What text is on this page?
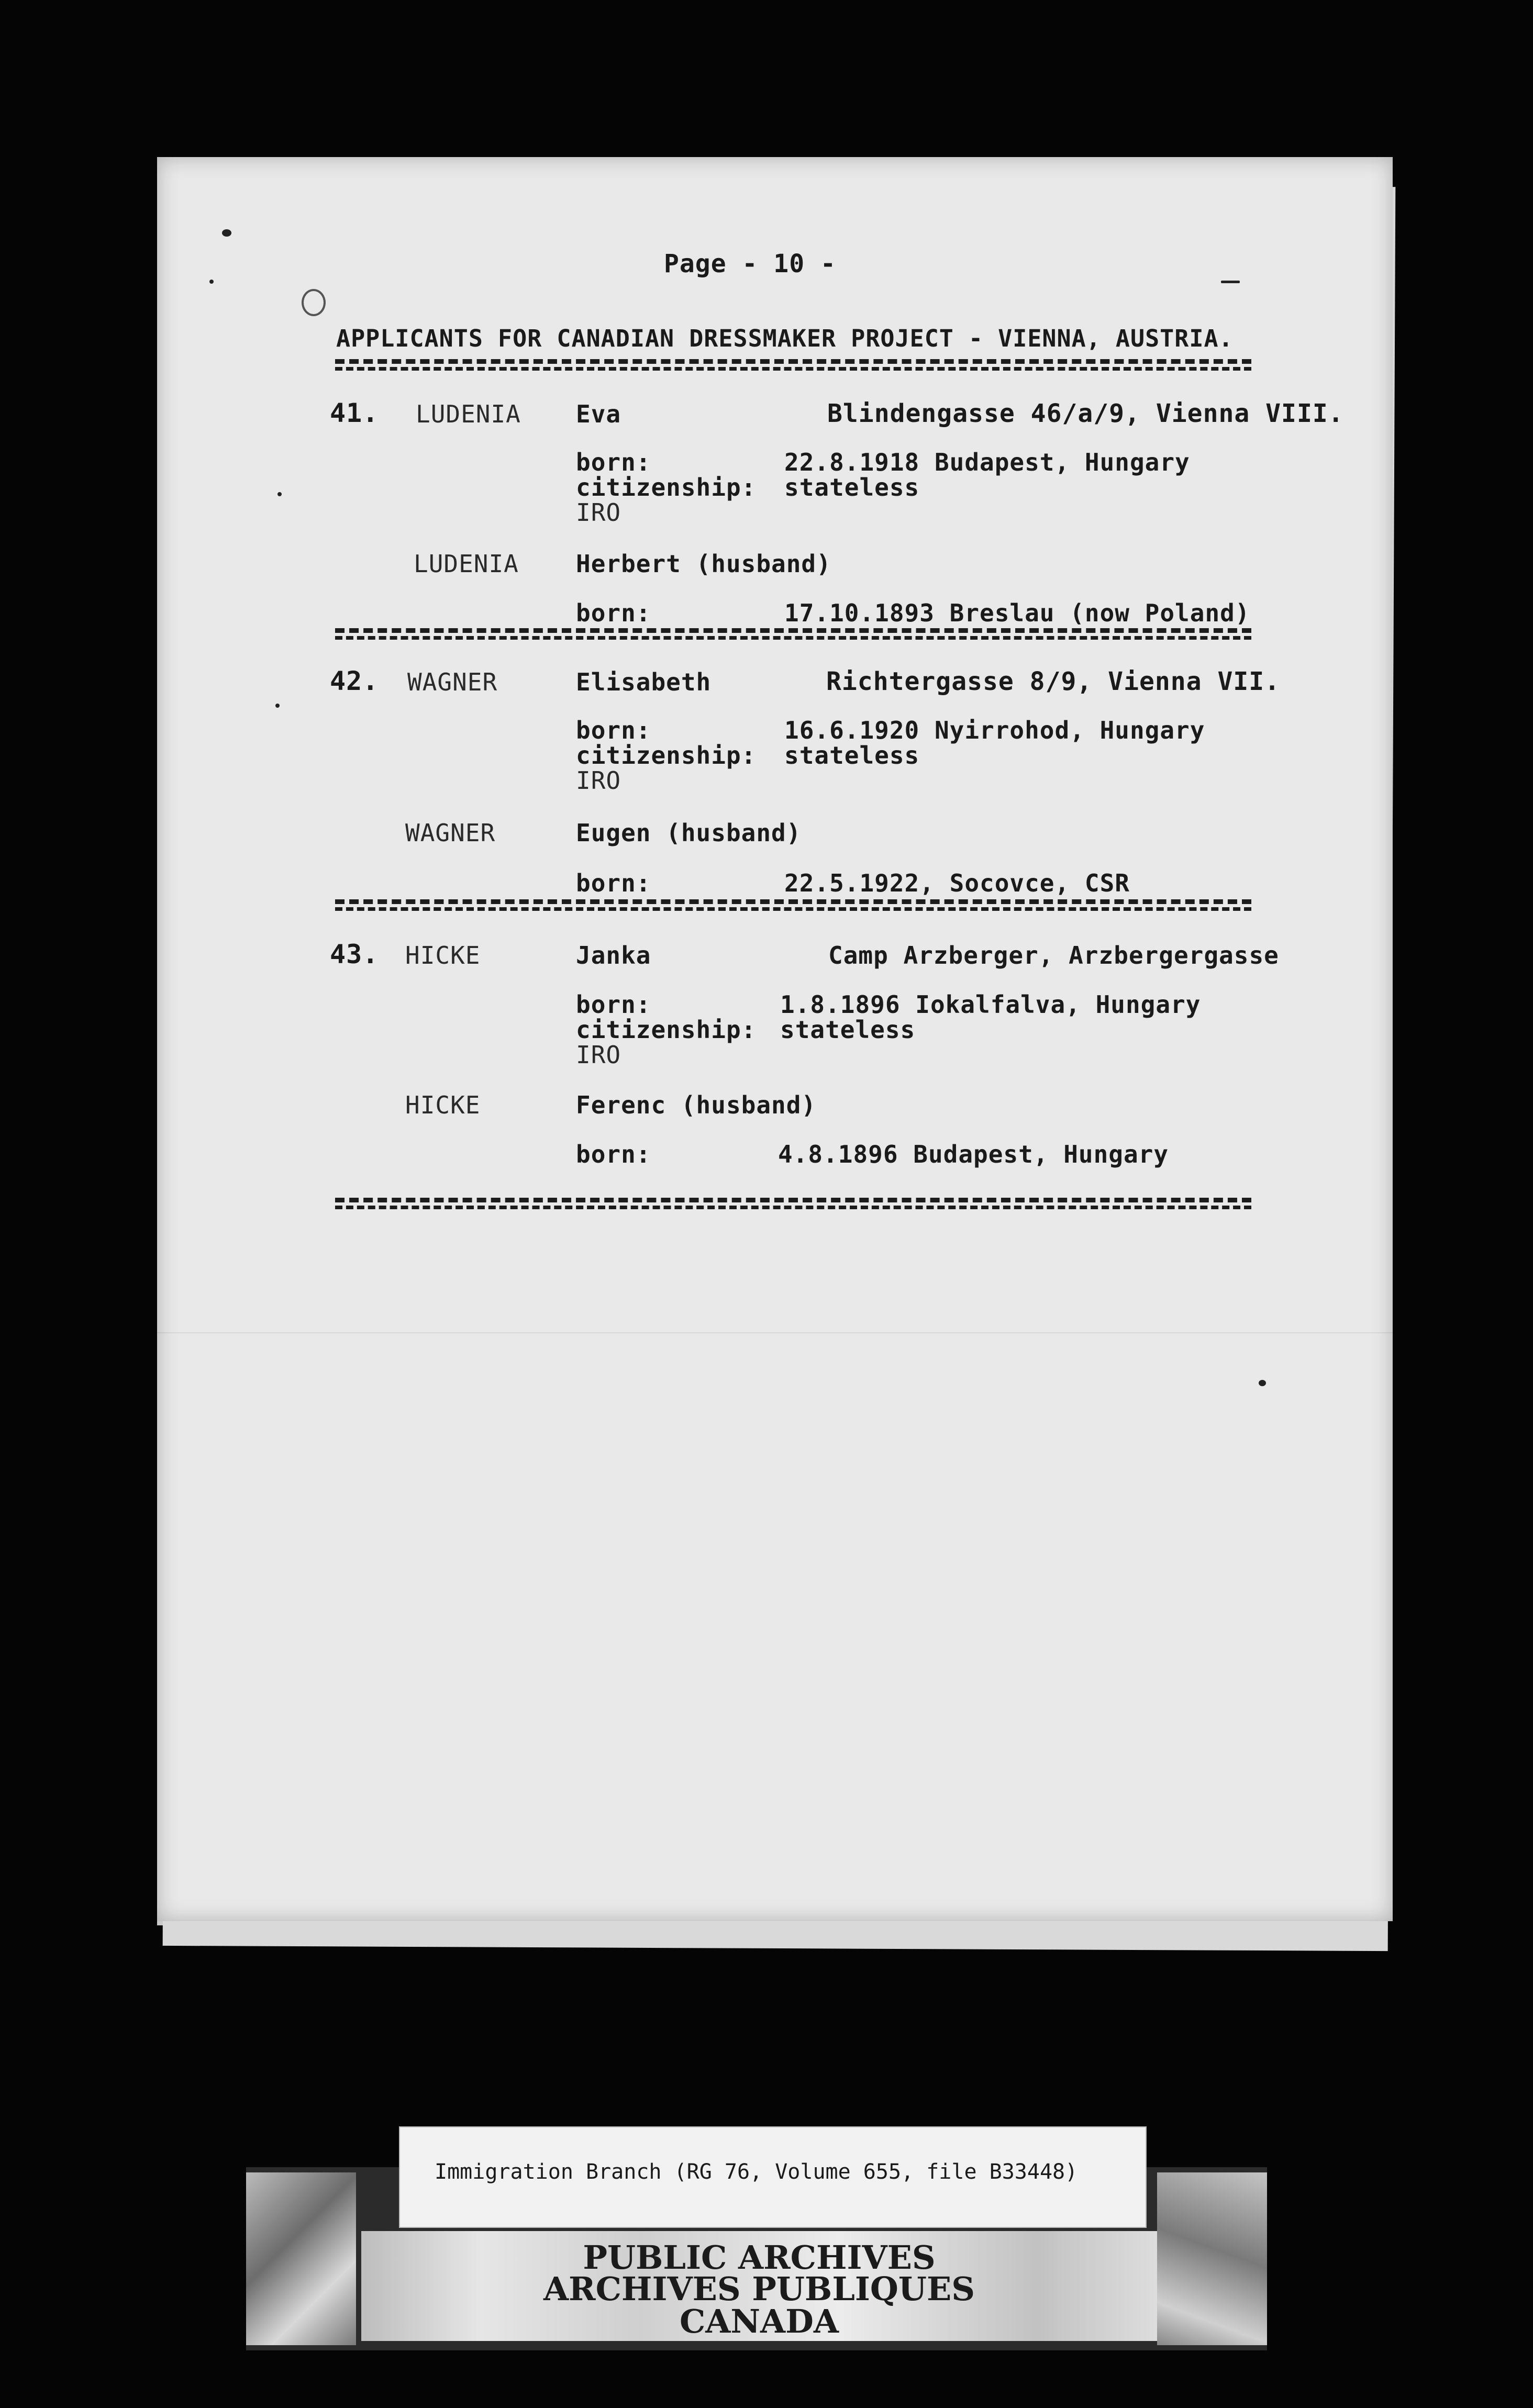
Page - 10 -
APPLICANTS FOR CANADIAN DRESSMAKER PROJECT - VIENNA, AUSTRIA.
41. LUDENIA Eva	Blindengasse 46/a/9, Vienna VIII.
born:	22.8.1918 Budapest, Hungary
citizenship: stateless
IRO
LUDENIA Herbert (husband)
born:	17.10.1893 Breslau (now Poland)
42. WAGNER	Elisabeth	Richtergasse 8/9, Vienna VII.
born:	16.6.1920 Nyirrohod, Hungary
citizenship: stateless
IRO
WAGNER	Eugen (husband)
born:	22.5.1922, Socovce, CSR
43. HICKE	Janka	Camp Arzberger, Arzbergergasse
born:	1.8.1896 Iokalfalva, Hungary
citizenship: stateless
IRO
HICKE	Ferenc (husband)
born:	4.8.1896 Budapest, Hungary
Immigration Branch (RG 76, Volume 655, file B33448)
PUBLIC ARCHIVES
ARCHIVES PUBLIQUES
CANADA
